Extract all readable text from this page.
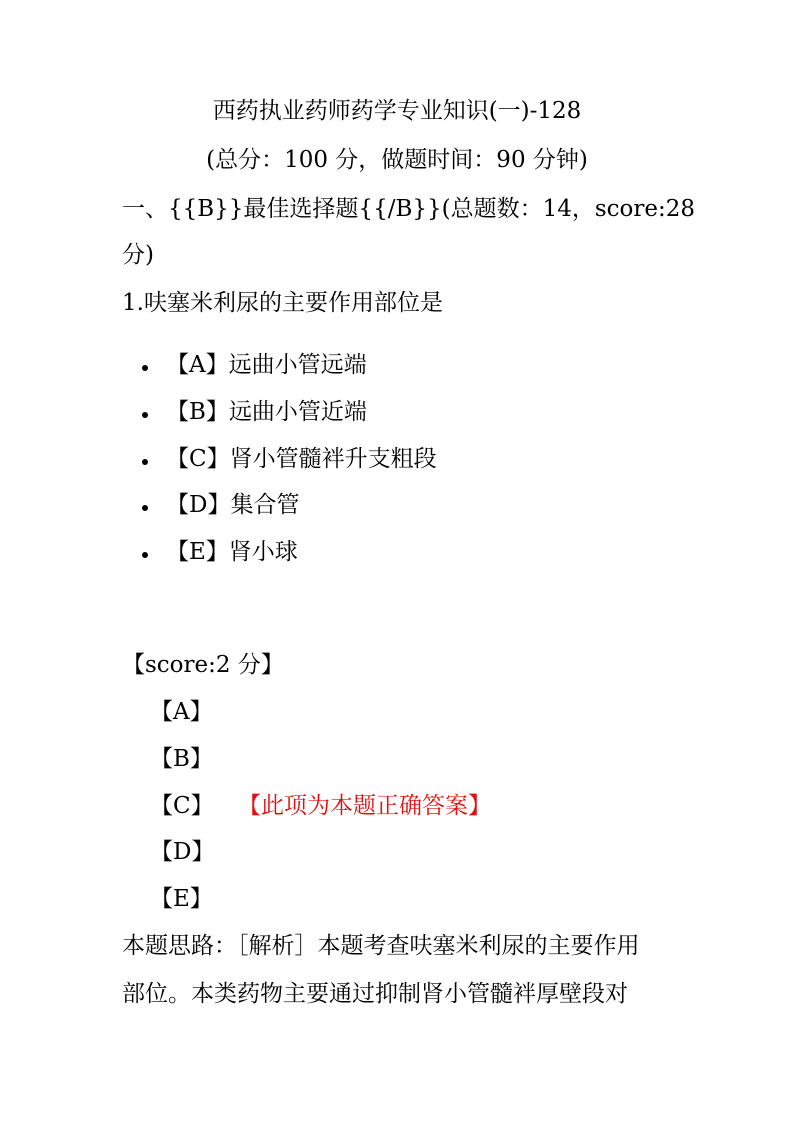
西药执业药师药学专业知识(一)-128
(总分：100 分，做题时间：90 分钟)
一、{{B}}最佳选择题{{/B}}(总题数：14，score:28
分)
1.呋塞米利尿的主要作用部位是
【A】远曲小管远端
【B】远曲小管近端
【C】肾小管髓袢升支粗段
【D】集合管
【E】肾小球
【score:2 分】
【A】
【B】
【C】 【此项为本题正确答案】
【D】
【E】
本题思路：［解析］本题考查呋塞米利尿的主要作用
部位。本类药物主要通过抑制肾小管髓袢厚壁段对
